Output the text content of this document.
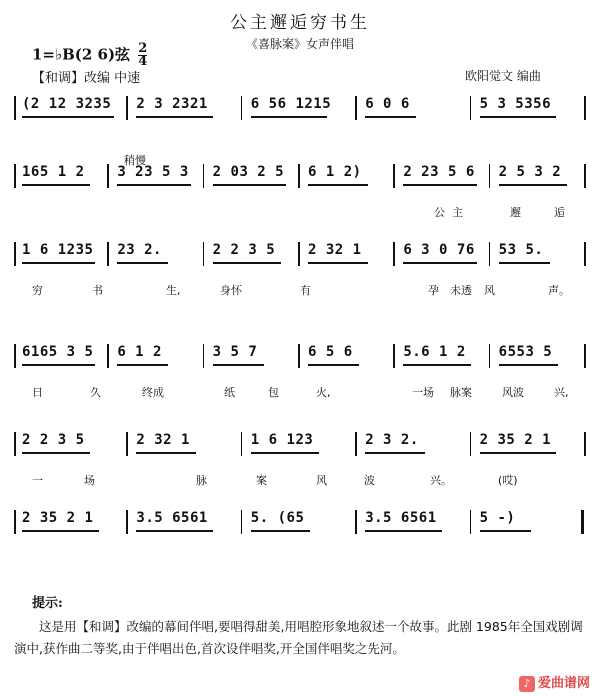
公主邂逅穷书生
《喜脉案》女声伴唱
1=♭B(2 6)弦 $\frac{2}{4}$
【和调】改编 中速	欧阳觉文 编曲
稍慢
(2 12 3235 2 3 2321	6 56 1215 6 0 6	5 3 5356
165 1 2 3 23 5 3 2 03 2 5 6 1 2)	2 23 5 6 2 5 3 2
公 主	邂	逅
1 6 1235 23 2.	2 2 3 5 2 32 1	6 3 0 76 53 5.
穷	书	生,	身怀	有	孕 未透 风	声。
6165 3 5 6 1 2	3 5 7	6 5 6	5.6 1 2 6553 5
日	久	终成	纸	包	火,	一场 脉案	风波	兴,
2 2 3 5	2 32 1	1 6 123	2 3 2.	2 35 2 1
一	场	脉	案	风	波	兴。	(哎)
2 35 2 1	3.5 6561	5. (65	3.5 6561	5 -)
提示:
这是用【和调】改编的幕间伴唱,要唱得甜美,用唱腔形象地叙述一个故事。此剧 1985年全国戏剧调演中,获作曲二等奖,由于伴唱出色,首次设伴唱奖,开全国伴唱奖之先河。
♪ 爱曲谱网
